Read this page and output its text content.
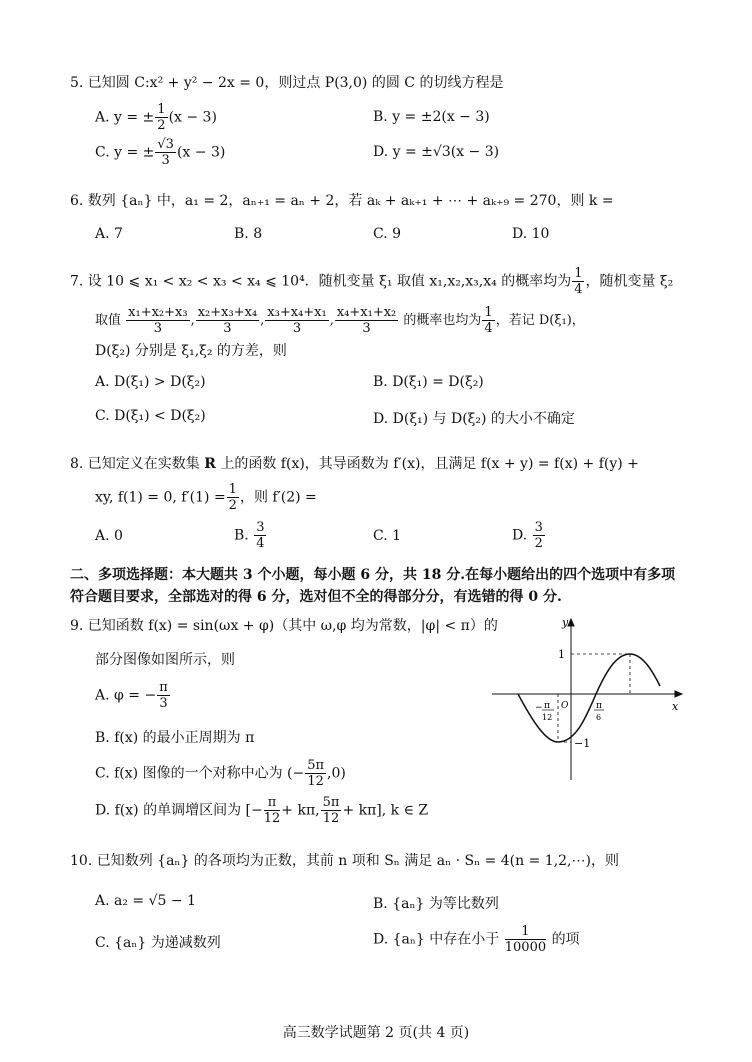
5. 已知圆 C:x² + y² − 2x = 0，则过点 P(3,0) 的圆 C 的切线方程是
A. y = ± $\frac{1}{2} (x - 3)$	B. y = ±2(x − 3)
C. y = ± $\frac{√3}{3} (x - 3)$	D. y = ±√3(x − 3)
6. 数列 {aₙ} 中，a₁ = 2，aₙ₊₁ = aₙ + 2，若 aₖ + aₖ₊₁ + ⋯ + aₖ₊₉ = 270，则 k =
A. 7	B. 8	C. 9	D. 10
7. 设 10 ⩽ x₁ < x₂ < x₃ < x₄ ⩽ 10⁴．随机变量 ξ₁ 取值 x₁,x₂,x₃,x₄ 的概率均为 $\frac{1}{4}$ ，随机变量 ξ₂
取值 $\frac{\text{x₁+x₂+x₃}}{3}$ , $\frac{\text{x₂+x₃+x₄}}{3}$ , $\frac{\text{x₃+x₄+x₁}}{3}$ , $\frac{\text{x₄+x₁+x₂}}{3}$ 的概率也均为 $\frac{1}{4}$ ，若记 D(ξ₁)，
D(ξ₂) 分别是 ξ₁,ξ₂ 的方差，则
A. D(ξ₁) > D(ξ₂)	B. D(ξ₁) = D(ξ₂)
C. D(ξ₁) < D(ξ₂)	D. D(ξ₁) 与 D(ξ₂) 的大小不确定
8. 已知定义在实数集 R 上的函数 f(x)，其导函数为 f′(x)，且满足 f(x + y) = f(x) + f(y) +
xy, f(1) = 0, $f'(1) = \frac{1}{2}$ ，则 f′(2) =
A. 0	B. $\frac{3}{4}$	C. 1	D. $\frac{3}{2}$
二、多项选择题：本大题共 3 个小题，每小题 6 分，共 18 分.在每小题给出的四个选项中有多项
符合题目要求，全部选对的得 6 分，选对但不全的得部分分，有选错的得 0 分.
9. 已知函数 f(x) = sin(ωx + φ)（其中 ω,φ 均为常数，|φ| < π）的
部分图像如图所示，则
A. φ = − $\frac{\pi}{3}$
B. f(x) 的最小正周期为 π
C. f(x) 图像的一个对称中心为 (− $\frac{5\pi}{12} ,0$)
D. f(x) 的单调增区间为 [− $\frac{\pi}{12} + k\pi$, $\frac{5\pi}{12} + k\pi$], k ∈ Z
y
x
O
1
−1
− π
12
π
6
10. 已知数列 {aₙ} 的各项均为正数，其前 n 项和 Sₙ 满足 aₙ · Sₙ = 4(n = 1,2,⋯)，则
A. a₂ = √5 − 1	B. {aₙ} 为等比数列
C. {aₙ} 为递减数列	D. {aₙ} 中存在小于 $\frac{1}{10000}$ 的项
高三数学试题第 2 页(共 4 页)
